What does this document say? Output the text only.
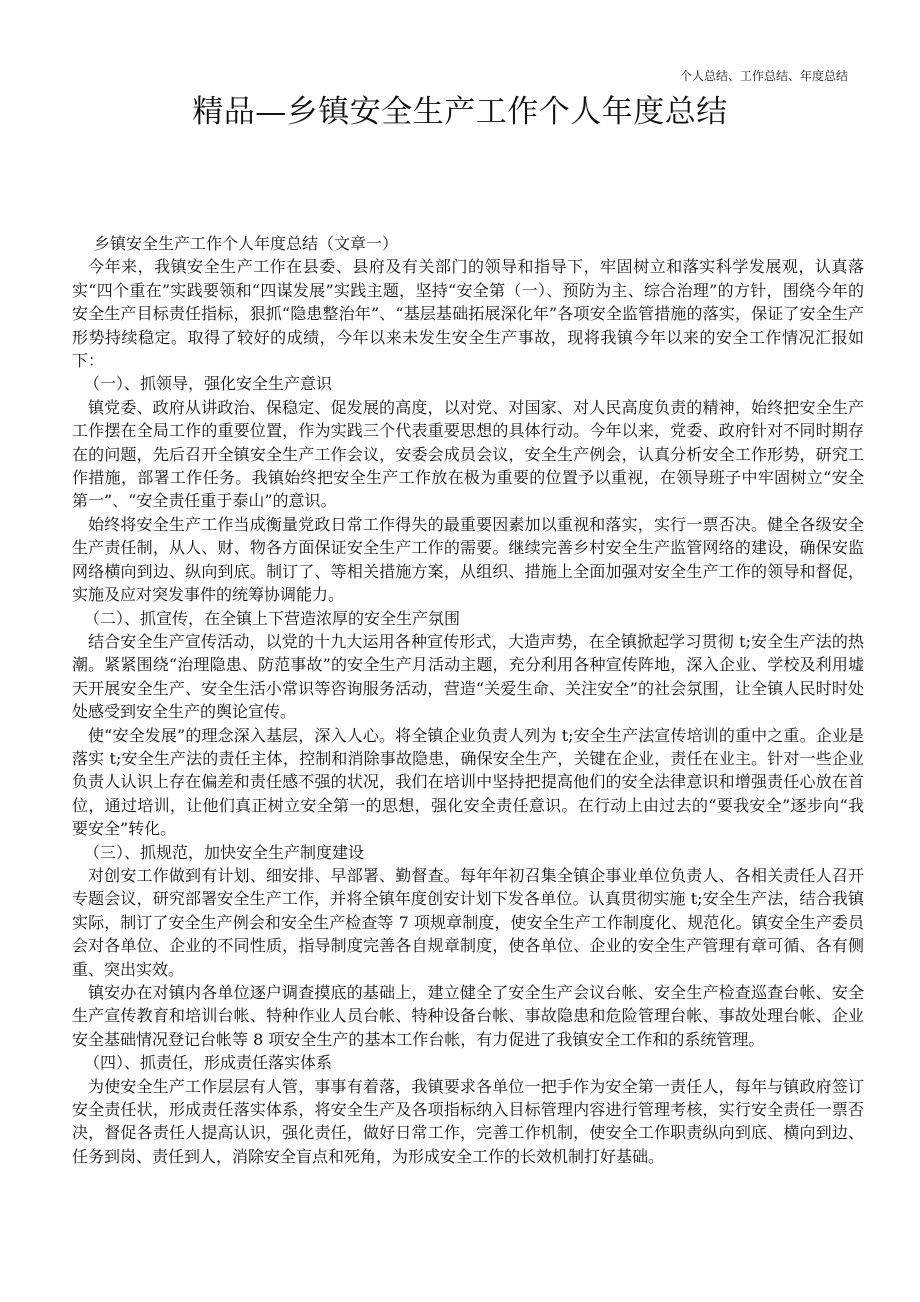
个人总结、工作总结、年度总结
精品—乡镇安全生产工作个人年度总结

乡镇安全生产工作个人年度总结（文章一）

今年来，我镇安全生产工作在县委、县府及有关部门的领导和指导下，牢固树立和落实科学发展观，认真落实“四个重在”实践要领和“四谋发展”实践主题，坚持“安全第（一）、预防为主、综合治理”的方针，围绕今年的安全生产目标责任指标，狠抓“隐患整治年”、“基层基础拓展深化年”各项安全监管措施的落实，保证了安全生产形势持续稳定。取得了较好的成绩，今年以来未发生安全生产事故，现将我镇今年以来的安全工作情况汇报如下：

（一）、抓领导，强化安全生产意识

镇党委、政府从讲政治、保稳定、促发展的高度，以对党、对国家、对人民高度负责的精神，始终把安全生产工作摆在全局工作的重要位置，作为实践三个代表重要思想的具体行动。今年以来，党委、政府针对不同时期存在的问题，先后召开全镇安全生产工作会议，安委会成员会议，安全生产例会，认真分析安全工作形势，研究工作措施，部署工作任务。我镇始终把安全生产工作放在极为重要的位置予以重视，在领导班子中牢固树立“安全第一”、“安全责任重于泰山”的意识。

始终将安全生产工作当成衡量党政日常工作得失的最重要因素加以重视和落实，实行一票否决。健全各级安全生产责任制，从人、财、物各方面保证安全生产工作的需要。继续完善乡村安全生产监管网络的建设，确保安监网络横向到边、纵向到底。制订了、等相关措施方案，从组织、措施上全面加强对安全生产工作的领导和督促，实施及应对突发事件的统筹协调能力。

（二）、抓宣传，在全镇上下营造浓厚的安全生产氛围

结合安全生产宣传活动，以党的十九大运用各种宣传形式，大造声势，在全镇掀起学习贯彻 t;安全生产法的热潮。紧紧围绕“治理隐患、防范事故”的安全生产月活动主题，充分利用各种宣传阵地，深入企业、学校及利用墟天开展安全生产、安全生活小常识等咨询服务活动，营造“关爱生命、关注安全”的社会氛围，让全镇人民时时处处感受到安全生产的舆论宣传。

使“安全发展”的理念深入基层，深入人心。将全镇企业负责人列为 t;安全生产法宣传培训的重中之重。企业是落实 t;安全生产法的责任主体，控制和消除事故隐患，确保安全生产，关键在企业，责任在业主。针对一些企业负责人认识上存在偏差和责任感不强的状况，我们在培训中坚持把提高他们的安全法律意识和增强责任心放在首位，通过培训，让他们真正树立安全第一的思想，强化安全责任意识。在行动上由过去的“要我安全”逐步向“我要安全”转化。

（三）、抓规范，加快安全生产制度建设

对创安工作做到有计划、细安排、早部署、勤督查。每年年初召集全镇企事业单位负责人、各相关责任人召开专题会议，研究部署安全生产工作，并将全镇年度创安计划下发各单位。认真贯彻实施 t;安全生产法，结合我镇实际，制订了安全生产例会和安全生产检查等 7 项规章制度，使安全生产工作制度化、规范化。镇安全生产委员会对各单位、企业的不同性质，指导制度完善各自规章制度，使各单位、企业的安全生产管理有章可循、各有侧重、突出实效。

镇安办在对镇内各单位逐户调查摸底的基础上，建立健全了安全生产会议台帐、安全生产检查巡查台帐、安全生产宣传教育和培训台帐、特种作业人员台帐、特种设备台帐、事故隐患和危险管理台帐、事故处理台帐、企业安全基础情况登记台帐等 8 项安全生产的基本工作台帐，有力促进了我镇安全工作和的系统管理。

（四）、抓责任，形成责任落实体系

为使安全生产工作层层有人管，事事有着落，我镇要求各单位一把手作为安全第一责任人，每年与镇政府签订安全责任状，形成责任落实体系，将安全生产及各项指标纳入目标管理内容进行管理考核，实行安全责任一票否决，督促各责任人提高认识，强化责任，做好日常工作，完善工作机制，使安全工作职责纵向到底、横向到边、任务到岗、责任到人，消除安全盲点和死角，为形成安全工作的长效机制打好基础。
